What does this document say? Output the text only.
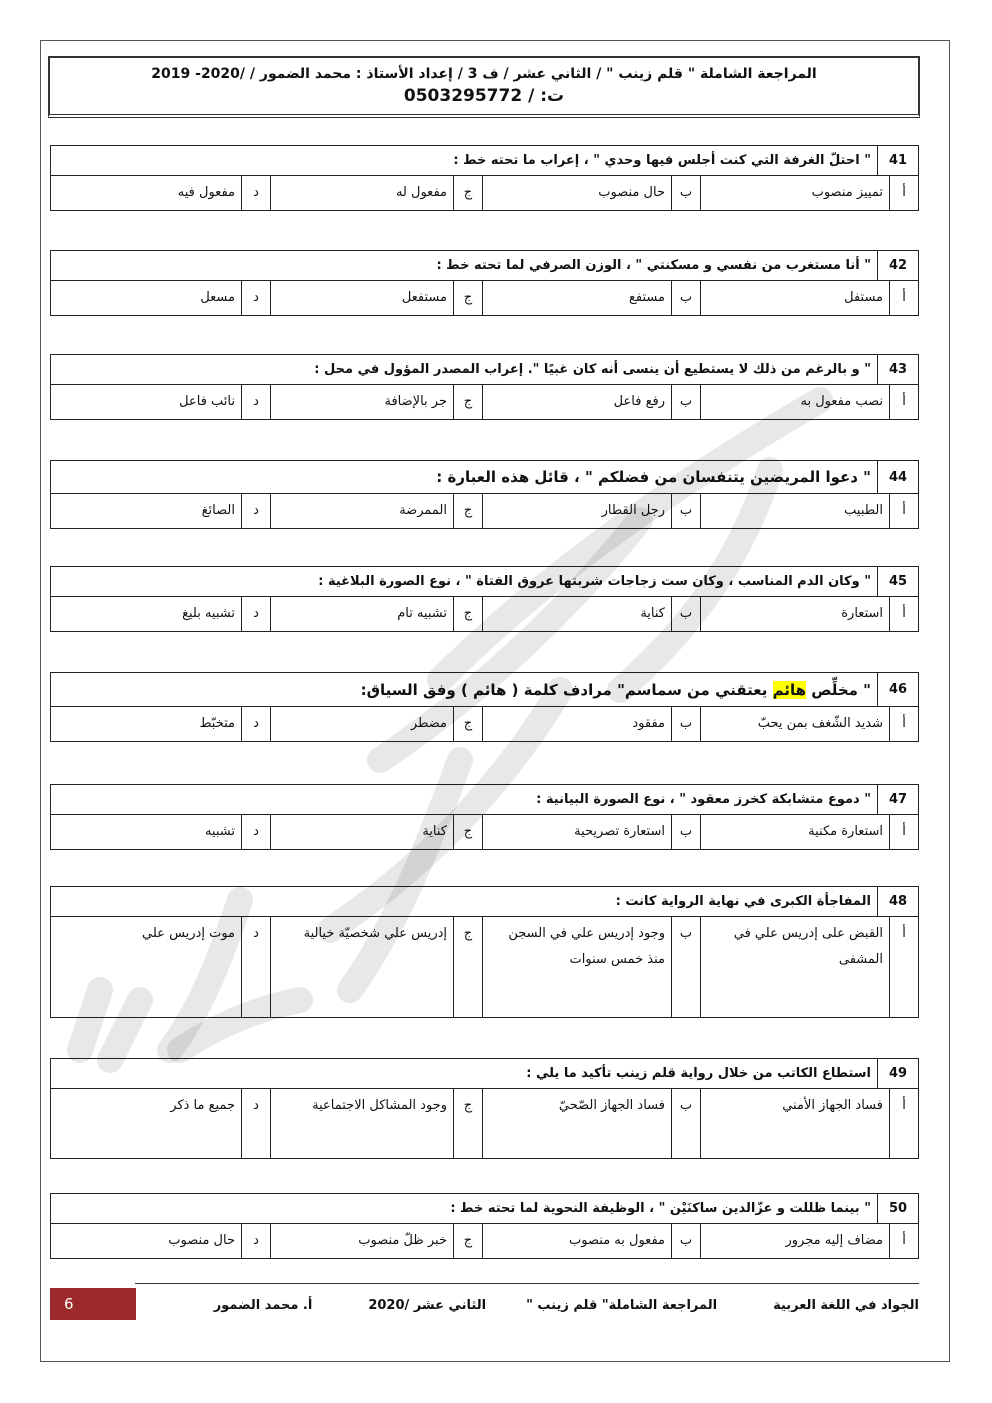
المراجعة الشاملة " قلم زينب " / الثاني عشر / ف 3 / إعداد الأستاذ : محمد الضمور / /2020- 2019
ت: / 0503295772
41
" احتلّ الغرفة التي كنت أجلس فيها وحدي " ، إعراب ما تحته خط :
أ
تمييز منصوب
ب
حال منصوب
ج
مفعول له
د
مفعول فيه
42
" أنا مستغرب من نفسي و مسكنتي " ، الوزن الصرفي لما تحته خط :
أ
مستفل
ب
مستفع
ج
مستفعل
د
مسعل
43
" و بالرغم من ذلك لا يستطيع أن ينسى أنه كان غبيًا ". إعراب المصدر المؤول في محل :
أ
نصب مفعول به
ب
رفع فاعل
ج
جر بالإضافة
د
نائب فاعل
44
" دعوا المريضين يتنفسان من فضلكم " ، قائل هذه العبارة :
أ
الطبيب
ب
رجل القطار
ج
الممرضة
د
الصائغ
45
" وكان الدم المناسب ، وكان ست زجاجات شربتها عروق الفتاة " ، نوع الصورة البلاغية :
أ
استعارة
ب
كناية
ج
تشبيه تام
د
تشبيه بليغ
46
" مخلِّص
هائم
يعتقني من سماسم" مرادف كلمة ( هائم ) وفق السياق:
أ
شديد الشّغف بمن يحبّ
ب
مفقود
ج
مضطر
د
متخبّط
47
" دموع متشابكة كخرز معقود " ، نوع الصورة البيانية :
أ
استعارة مكنية
ب
استعارة تصريحية
ج
كناية
د
تشبيه
48
المفاجأة الكبرى في نهاية الرواية كانت :
أ
القبض على إدريس علي في المشفى
ب
وجود إدريس علي في السجن منذ خمس سنوات
ج
إدريس علي شخصيّة خيالية
د
موت إدريس علي
49
استطاع الكاتب من خلال رواية قلم زينب تأكيد ما يلي :
أ
فساد الجهاز الأمني
ب
فساد الجهاز الصّحيّ
ج
وجود المشاكل الاجتماعية
د
جميع ما ذكر
50
" بينما ظللت و عزّالدين ساكنَيْن " ، الوظيفة النحوية لما تحته خط :
أ
مضاف إليه مجرور
ب
مفعول به منصوب
ج
خبر ظلّ منصوب
د
حال منصوب
الجواد في اللغة العربية
المراجعة الشاملة" قلم زينب "
الثاني عشر /2020
أ. محمد الضمور
6
